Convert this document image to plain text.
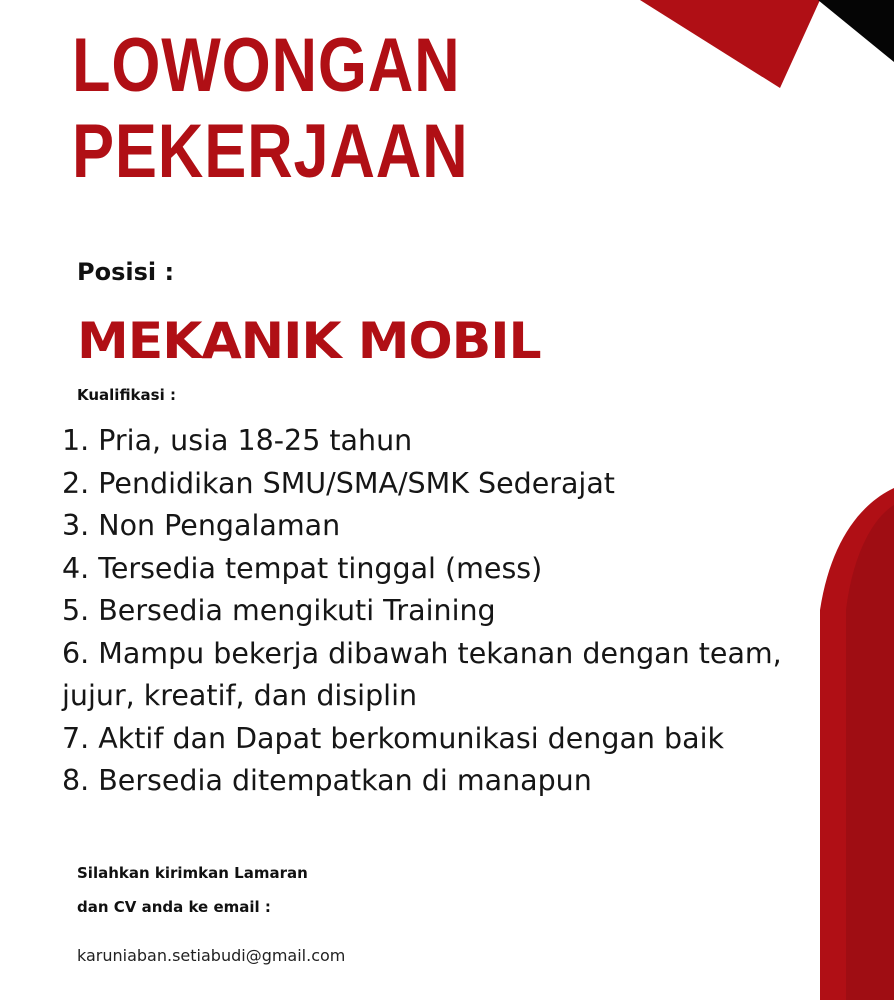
LOWONGAN
PEKERJAAN

Posisi :

MEKANIK MOBIL

Kualifikasi :

1. Pria, usia 18-25 tahun
2. Pendidikan SMU/SMA/SMK Sederajat
3. Non Pengalaman
4. Tersedia tempat tinggal (mess)
5. Bersedia mengikuti Training
6. Mampu bekerja dibawah tekanan dengan team, jujur, kreatif, dan disiplin
7. Aktif dan Dapat berkomunikasi dengan baik
8. Bersedia ditempatkan di manapun

Silahkan kirimkan Lamaran

dan CV anda ke email :

karuniaban.setiabudi@gmail.com
